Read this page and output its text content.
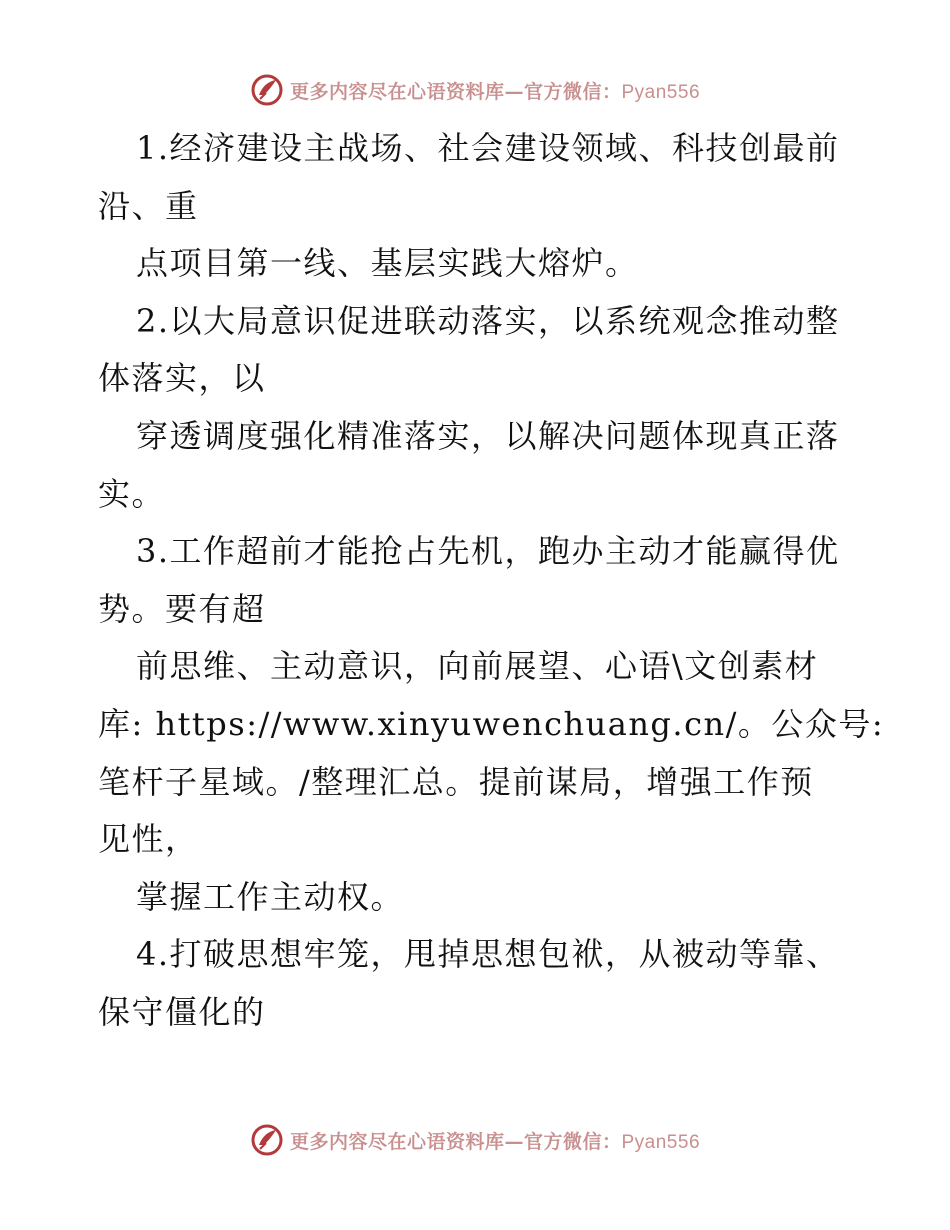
更多内容尽在心语资料库—官方微信：Pyan556
1.经济建设主战场、社会建设领域、科技创最前
沿、重
点项目第一线、基层实践大熔炉。
2.以大局意识促进联动落实，以系统观念推动整
体落实，以
穿透调度强化精准落实，以解决问题体现真正落
实。
3.工作超前才能抢占先机，跑办主动才能赢得优
势。要有超
前思维、主动意识，向前展望、心语\文创素材
库: https://www.xinyuwenchuang.cn/。公众号:
笔杆子星域。/整理汇总。提前谋局，增强工作预
见性，
掌握工作主动权。
4.打破思想牢笼，甩掉思想包袱，从被动等靠、
保守僵化的
更多内容尽在心语资料库—官方微信：Pyan556
